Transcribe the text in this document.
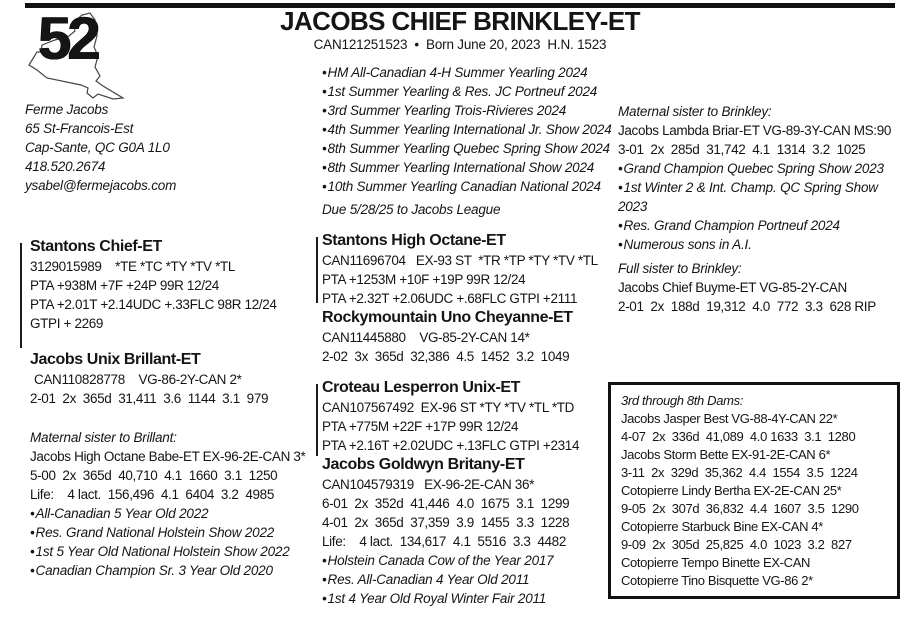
52
Ferme Jacobs
65 St-Francois-Est
Cap-Sante, QC G0A 1L0
418.520.2674
ysabel@fermejacobs.com
JACOBS CHIEF BRINKLEY-ET
CAN121251523  •  Born June 20, 2023  H.N. 1523
• HM All-Canadian 4-H Summer Yearling 2024
• 1st Summer Yearling & Res. JC Portneuf 2024
• 3rd Summer Yearling Trois-Rivieres 2024
• 4th Summer Yearling International Jr. Show 2024
• 8th Summer Yearling Quebec Spring Show 2024
• 8th Summer Yearling International Show 2024
• 10th Summer Yearling Canadian National 2024
Due 5/28/25 to Jacobs League
Maternal sister to Brinkley:
Jacobs Lambda Briar-ET VG-89-3Y-CAN MS:90
3-01  2x  285d  31,742  4.1  1314  3.2  1025
• Grand Champion Quebec Spring Show 2023
• 1st Winter 2 & Int. Champ. QC Spring Show 2023
• Res. Grand Champion Portneuf 2024
• Numerous sons in A.I.
Full sister to Brinkley:
Jacobs Chief Buyme-ET VG-85-2Y-CAN
2-01  2x  188d  19,312  4.0  772  3.3  628 RIP
Stantons Chief-ET
3129015989    *TE *TC *TY *TV *TL
PTA +938M +7F +24P 99R 12/24
PTA +2.01T +2.14UDC +.33FLC 98R 12/24
GTPI + 2269
Jacobs Unix Brillant-ET
CAN110828778    VG-86-2Y-CAN 2*
2-01  2x  365d  31,411  3.6  1144  3.1  979
Maternal sister to Brillant:
Jacobs High Octane Babe-ET EX-96-2E-CAN 3*
5-00  2x  365d  40,710  4.1  1660  3.1  1250
Life:    4 lact.  156,496  4.1  6404  3.2  4985
• All-Canadian 5 Year Old 2022
• Res. Grand National Holstein Show 2022
• 1st 5 Year Old National Holstein Show 2022
• Canadian Champion Sr. 3 Year Old 2020
Stantons High Octane-ET
CAN11696704   EX-93 ST  *TR *TP *TY *TV *TL
PTA +1253M +10F +19P 99R 12/24
PTA +2.32T +2.06UDC +.68FLC GTPI +2111
Rockymountain Uno Cheyanne-ET
CAN11445880    VG-85-2Y-CAN 14*
2-02  3x  365d  32,386  4.5  1452  3.2  1049
Croteau Lesperron Unix-ET
CAN107567492  EX-96 ST *TY *TV *TL *TD
PTA +775M +22F +17P 99R 12/24
PTA +2.16T +2.02UDC +.13FLC GTPI +2314
Jacobs Goldwyn Britany-ET
CAN104579319   EX-96-2E-CAN 36*
6-01  2x  352d  41,446  4.0  1675  3.1  1299
4-01  2x  365d  37,359  3.9  1455  3.3  1228
Life:    4 lact.  134,617  4.1  5516  3.3  4482
• Holstein Canada Cow of the Year 2017
• Res. All-Canadian 4 Year Old 2011
• 1st 4 Year Old Royal Winter Fair 2011
3rd through 8th Dams:
Jacobs Jasper Best VG-88-4Y-CAN 22*
4-07  2x  336d  41,089  4.0 1633  3.1  1280
Jacobs Storm Bette EX-91-2E-CAN 6*
3-11  2x  329d  35,362  4.4  1554  3.5  1224
Cotopierre Lindy Bertha EX-2E-CAN 25*
9-05  2x  307d  36,832  4.4  1607  3.5  1290
Cotopierre Starbuck Bine EX-CAN 4*
9-09  2x  305d  25,825  4.0  1023  3.2  827
Cotopierre Tempo Binette EX-CAN
Cotopierre Tino Bisquette VG-86 2*
